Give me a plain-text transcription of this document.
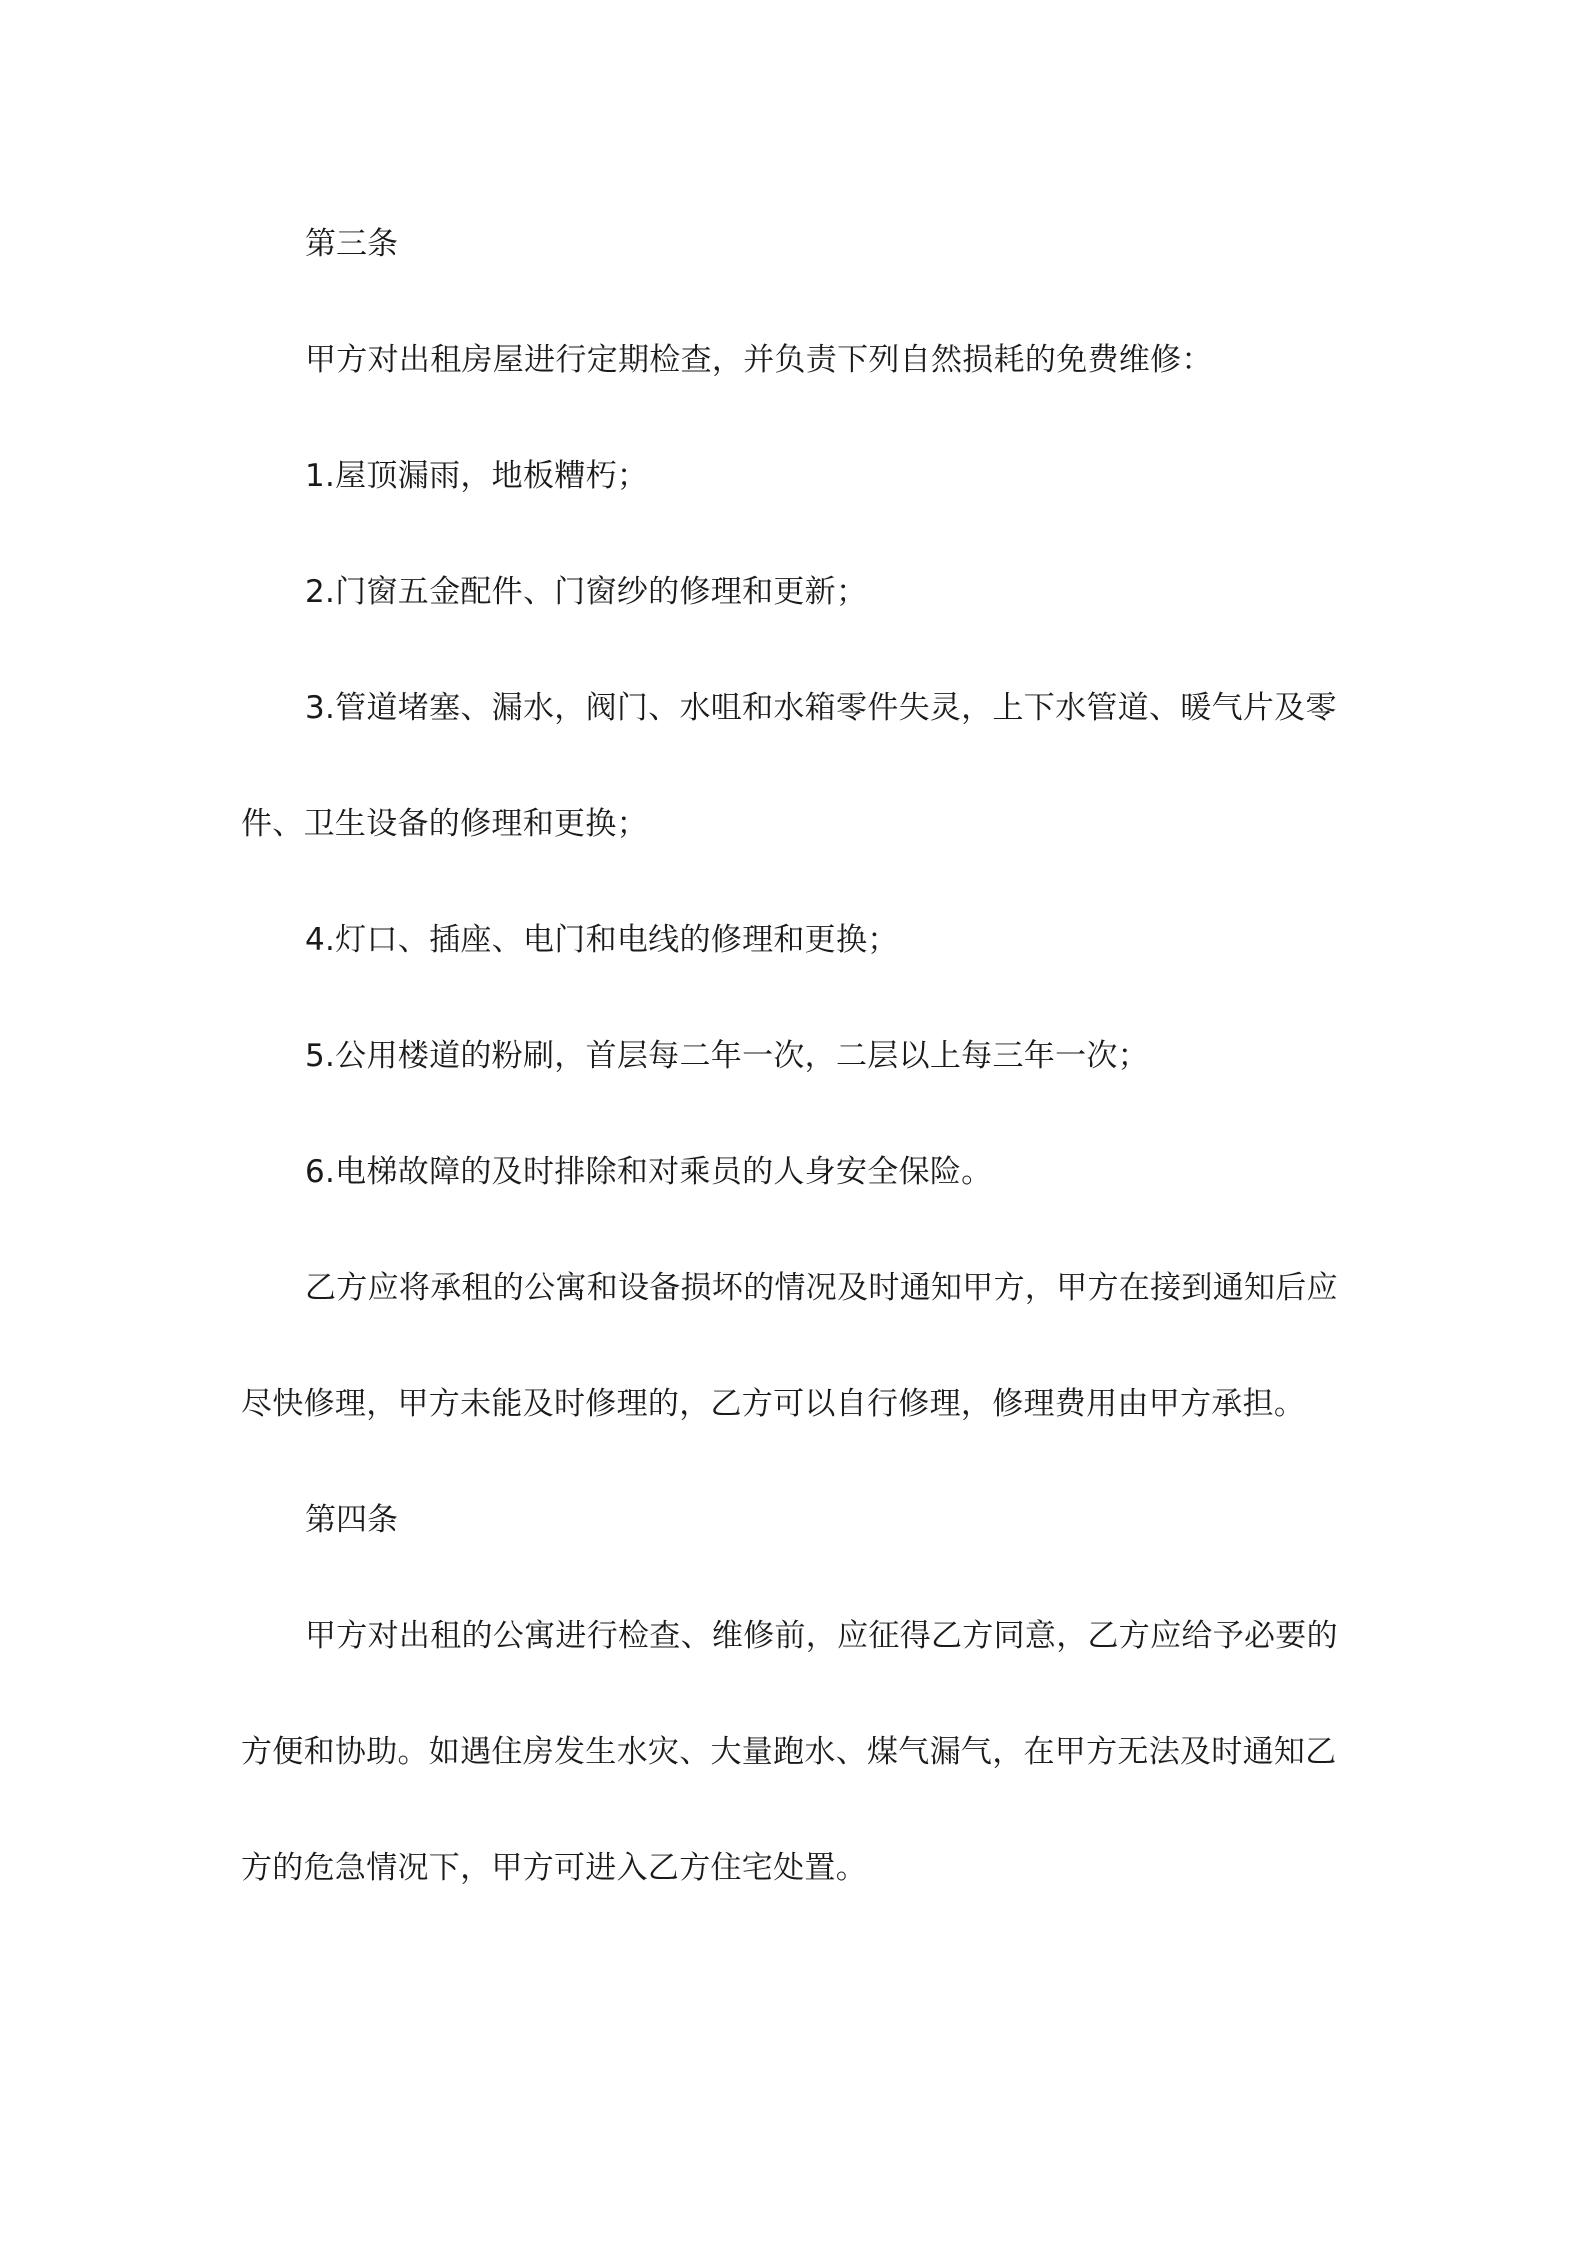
第三条

甲方对出租房屋进行定期检查，并负责下列自然损耗的免费维修：

1.屋顶漏雨，地板糟朽；

2.门窗五金配件、门窗纱的修理和更新；

3.管道堵塞、漏水，阀门、水咀和水箱零件失灵，上下水管道、暖气片及零件、卫生设备的修理和更换；

4.灯口、插座、电门和电线的修理和更换；

5.公用楼道的粉刷，首层每二年一次，二层以上每三年一次；

6.电梯故障的及时排除和对乘员的人身安全保险。

乙方应将承租的公寓和设备损坏的情况及时通知甲方，甲方在接到通知后应尽快修理，甲方未能及时修理的，乙方可以自行修理，修理费用由甲方承担。

第四条

甲方对出租的公寓进行检查、维修前，应征得乙方同意，乙方应给予必要的方便和协助。如遇住房发生水灾、大量跑水、煤气漏气，在甲方无法及时通知乙方的危急情况下，甲方可进入乙方住宅处置。
